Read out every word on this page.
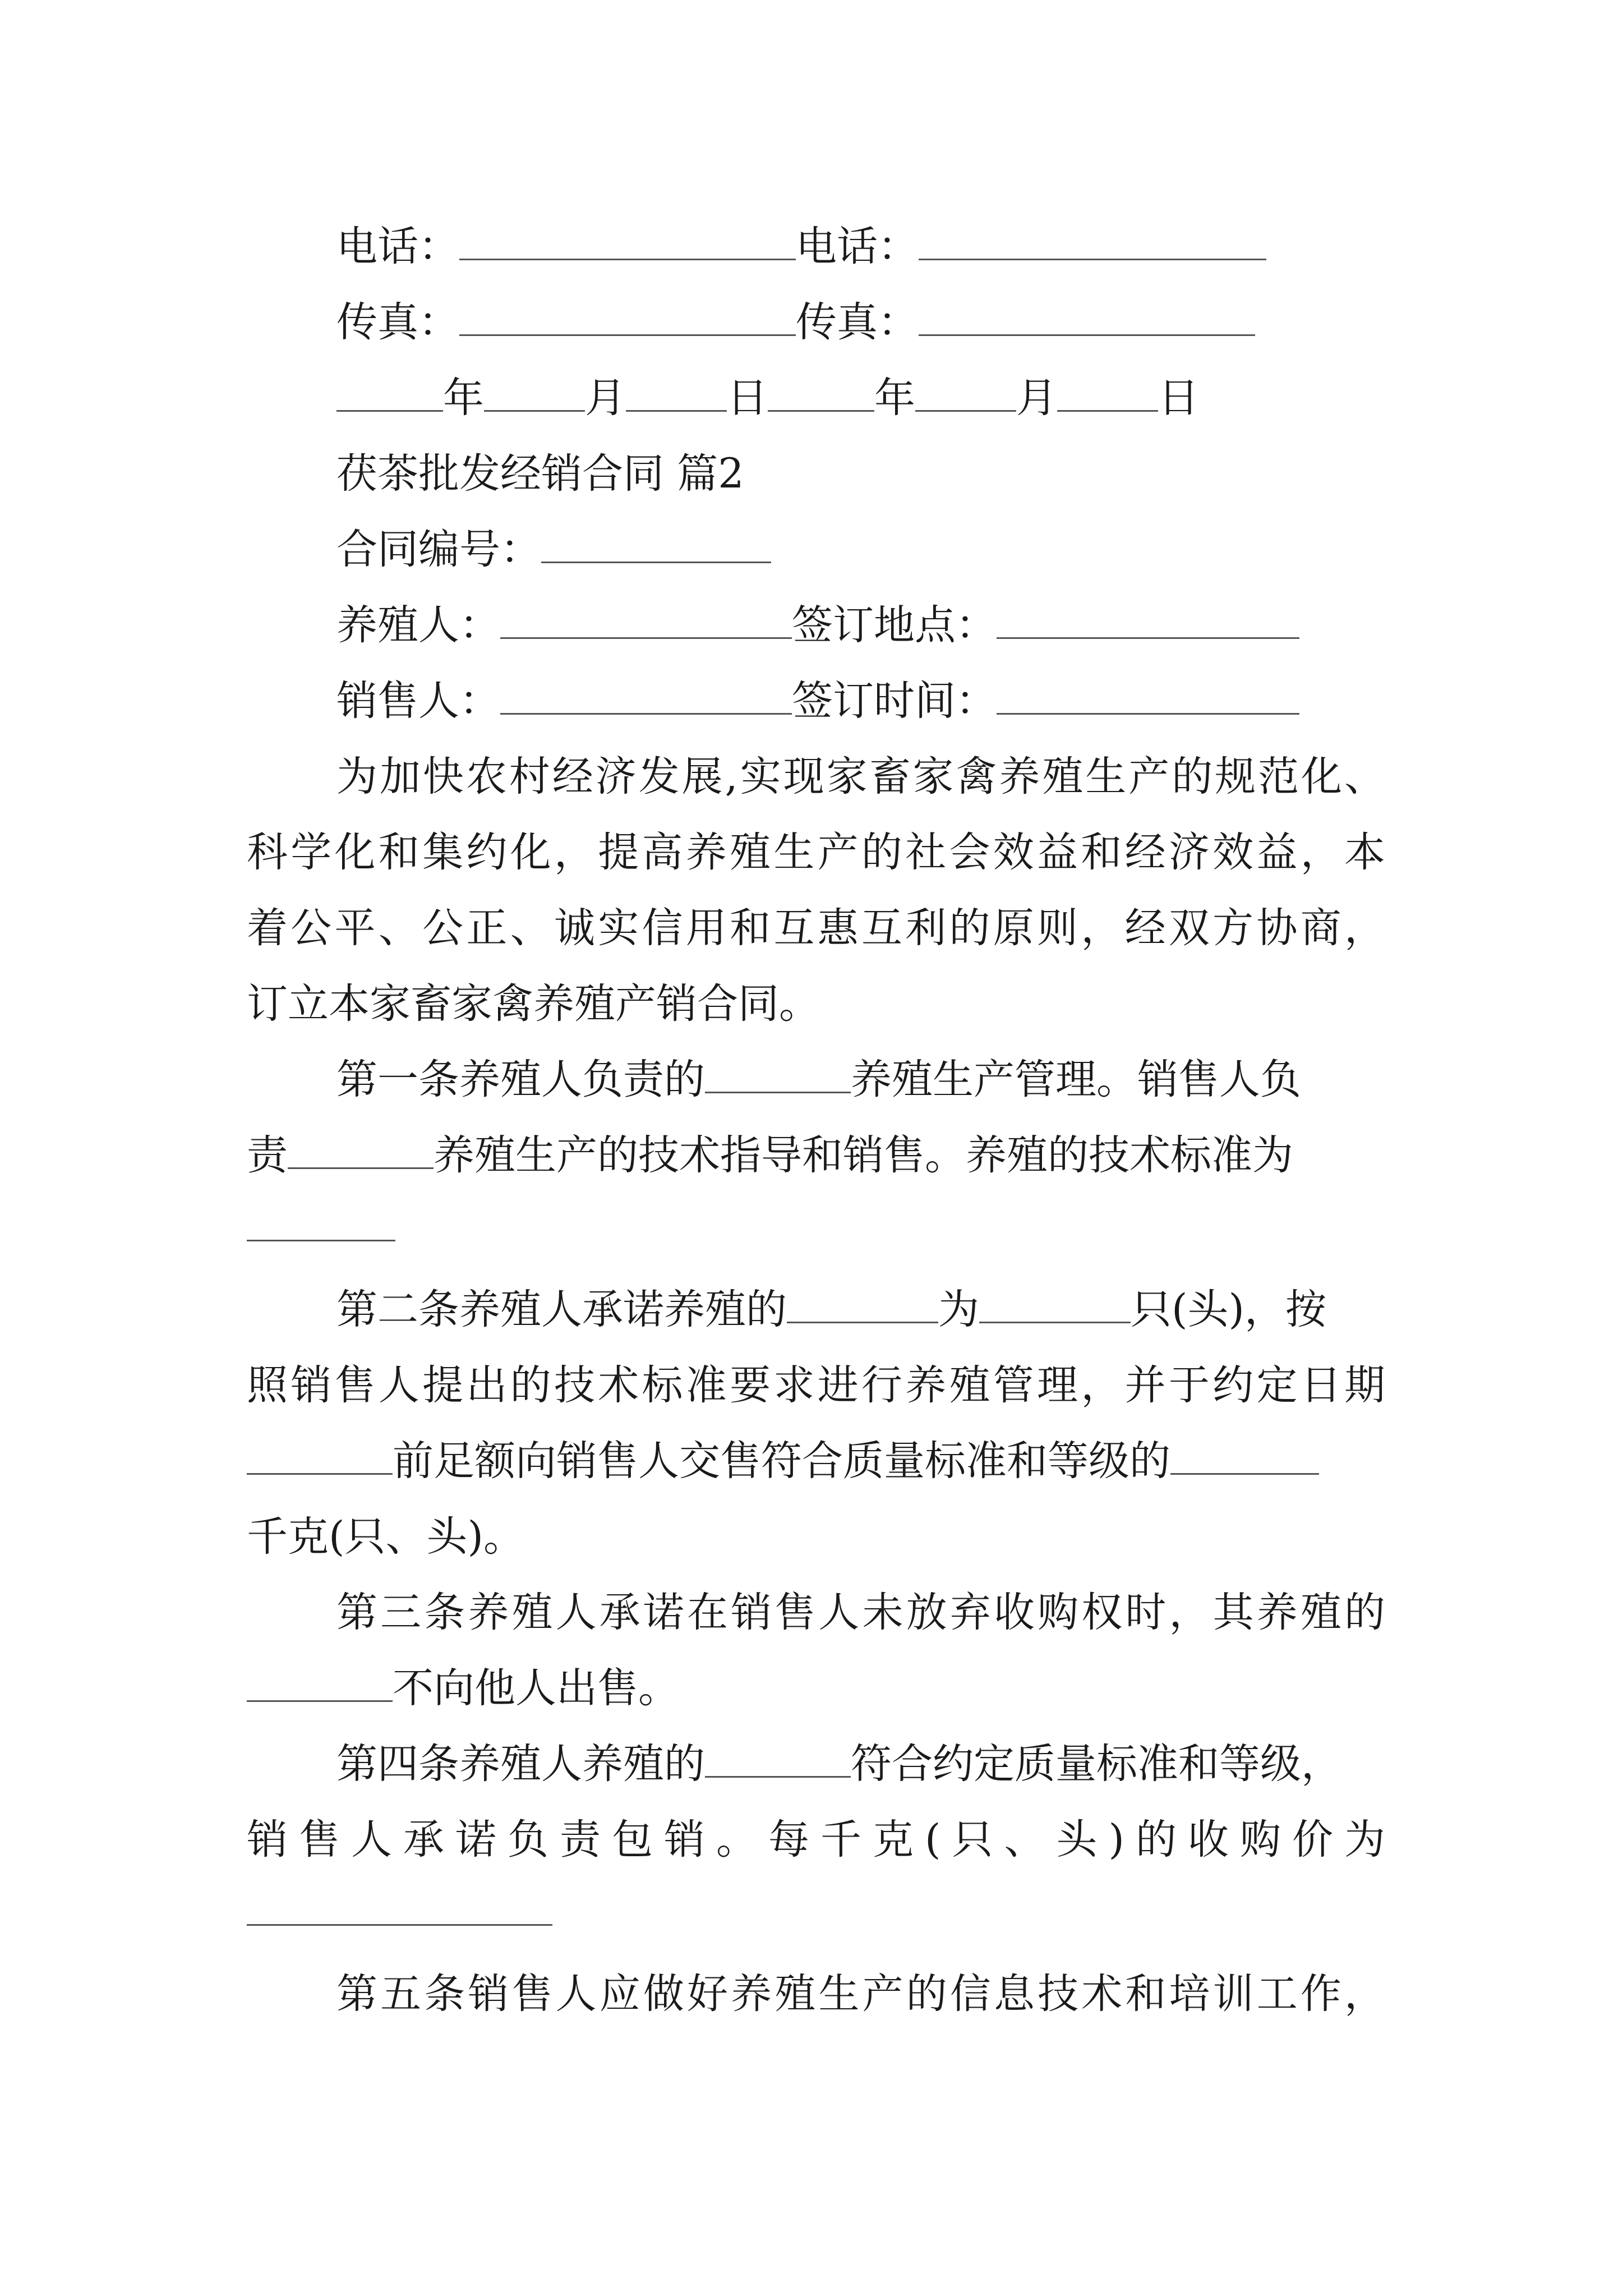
电话：	电话：
传真：	传真：
年 月 日	年 月 日
茯茶批发经销合同 篇2
合同编号：
养殖人：	签订地点：
销售人：	签订时间：
为加快农村经济发展,实现家畜家禽养殖生产的规范化、
科学化和集约化，提高养殖生产的社会效益和经济效益，本
着公平、公正、诚实信用和互惠互利的原则，经双方协商，
订立本家畜家禽养殖产销合同。
第一条养殖人负责的	养殖生产管理。销售人负
责	养殖生产的技术指导和销售。养殖的技术标准为
第二条养殖人承诺养殖的	为	只(头)，按
照销售人提出的技术标准要求进行养殖管理，并于约定日期
前足额向销售人交售符合质量标准和等级的
千克(只、头)。
第三条养殖人承诺在销售人未放弃收购权时，其养殖的
不向他人出售。
第四条养殖人养殖的	符合约定质量标准和等级，
销售人承诺负责包销。每千克(只、头)的收购价为
第五条销售人应做好养殖生产的信息技术和培训工作，
